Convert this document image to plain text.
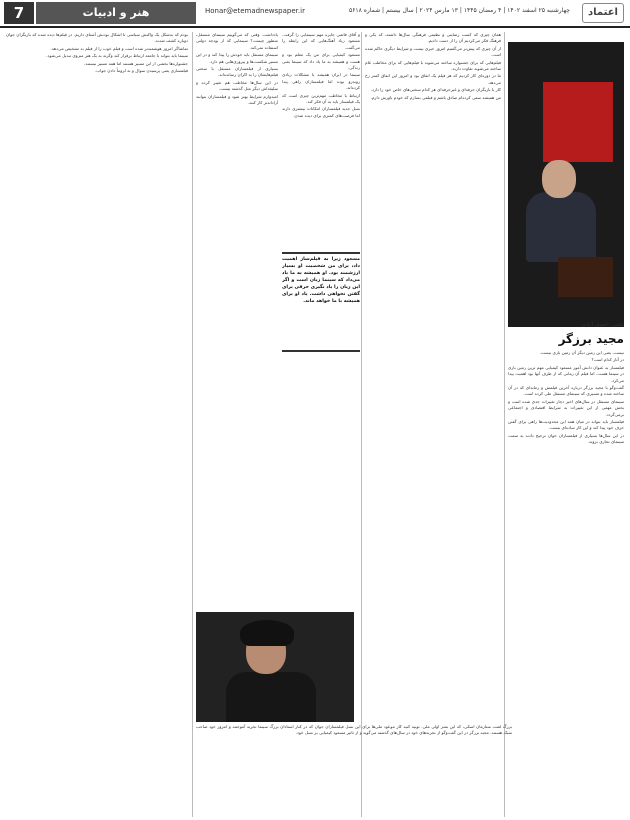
7	هنر و ادبیات	Honar@etemadnewspaper.ir	چهارشنبه ۲۵ اسفند ۱۴۰۲ | ۴ رمضان ۱۴۴۵ | ۱۳ مارس ۲۰۲۴ | سال بیستم | شماره ۵۶۱۸	اعتماد
عکس: احسان آزادی
مجید برزگر

نیست، یعنی این زمین دیگر آن زمین بازی نیست.

در آثار کدام است؟

فیلمساز به عنوان دانش آموز مسعود کیمیایی مهم ترین زمین بازی در سینما هست. اما فیلم آن زمانی که از طرف آنها بود اهمیت پیدا می‌کرد.

گفت‌وگو با مجید برزگر درباره آخرین فیلمش و زمانه‌ای که در آن ساخته شده و مسیری که سینمای مستقل طی کرده است.

سینمای مستقل در سال‌های اخیر دچار تغییرات جدی شده است و بخش مهمی از این تغییرات به شرایط اقتصادی و اجتماعی برمی‌گردد.

فیلمساز باید بتواند در میان همه این محدودیت‌ها راهی برای گفتن حرف خود پیدا کند و این کار ساده‌ای نیست.

در این سال‌ها بسیاری از فیلمسازان جوان ترجیح دادند به سمت سینمای تجاری بروند.

همان چیزی که کسب رضایتی و نظیمی فرهنگی سال‌ها داشته، که یکی و فرهنگ فکر می‌کردیم آن را از دست دادیم.

از آن چیزی که پیش‌تر می‌گفتیم امروز خبری نیست و شرایط دیگری حاکم شده است.

فیلم‌هایی که برای جشنواره ساخته می‌شوند با فیلم‌هایی که برای مخاطب عام ساخته می‌شوند تفاوت دارند.

ما در دوره‌ای کار کردیم که هر فیلم یک اتفاق بود و امروز این اتفاق کمتر رخ می‌دهد.

کار با بازیگران حرفه‌ای و غیرحرفه‌ای هر کدام سختی‌های خاص خود را دارد.

من همیشه سعی کرده‌ام صادق باشم و فیلمی بسازم که خودم باورش دارم.

و آقای فاتمی جایزه مهم سینمایی را گرفت. مسعود زیاد آهنگ‌هایی که این رابطه را می‌گفت.

مسعود کیمیایی برای من یک معلم بود و هست و همیشه به ما یاد داد که سینما یعنی زندگی.

سینما در ایران همیشه با مشکلات زیادی روبه‌رو بوده اما فیلمسازان راهی پیدا کرده‌اند.

ارتباط با مخاطب مهم‌ترین چیزی است که یک فیلمساز باید به آن فکر کند.

نسل جدید فیلمسازان امکانات بیشتری دارند اما فرصت‌های کمتری برای دیده شدن.

مسعود زیرا به فیلم‌ساز اهمیت داد، برای من شخصیت او بسیار ارزشمند بود. او همیشه به ما یاد می‌داد که سینما زبان است و اگر این زبان را یاد نگیری حرفی برای گفتن نخواهی داشت. یاد او برای همیشه با ما خواهد ماند.

یادداشت. وقتی که می‌گوییم سینمای مستقل، منظور چیست؟ سینمایی که از بودجه دولتی استفاده نمی‌کند.

سینمای مستقل باید خودش را پیدا کند و در این مسیر شکست‌ها و پیروزی‌هایی هم دارد.

بسیاری از فیلمسازان مستقل با سختی فیلم‌هایشان را به اکران رسانده‌اند.

در این سال‌ها مخاطب هم تغییر کرده و سلیقه‌اش دیگر مثل گذشته نیست.

امیدوارم شرایط بهتر شود و فیلمسازان بتوانند آزادانه‌تر کار کنند.

بزرگ لعنت ستارمان اسکی، که این بشر اولی ملی. تونیه کنید کار موعود ملی‌ها برای این نسل فیلمسازان جوان که در کنار استادان بزرگ سینما تجربه آموختند و امروز خود صاحب سبک هستند. مجید برزگر در این گفت‌وگو از تجربه‌های خود در سال‌های گذشته می‌گوید و از تاثیر مسعود کیمیایی بر نسل خود.

بودم که به‌شکل یک واکنش سیاسی تا اشکال بودنش آشنای داریم. در فیلم‌ها دیده شده که بازیگران جوان دوباره کشف شدند.

تماشاگر امروز هوشمندتر شده است و فیلم خوب را از فیلم بد تشخیص می‌دهد.

سینما باید بتواند با جامعه ارتباط برقرار کند وگرنه به یک هنر منزوی تبدیل می‌شود.

جشنواره‌ها بخشی از این مسیر هستند اما همه مسیر نیستند.

فیلمسازی یعنی پرسیدن سوال و نه لزوماً دادن جواب.
